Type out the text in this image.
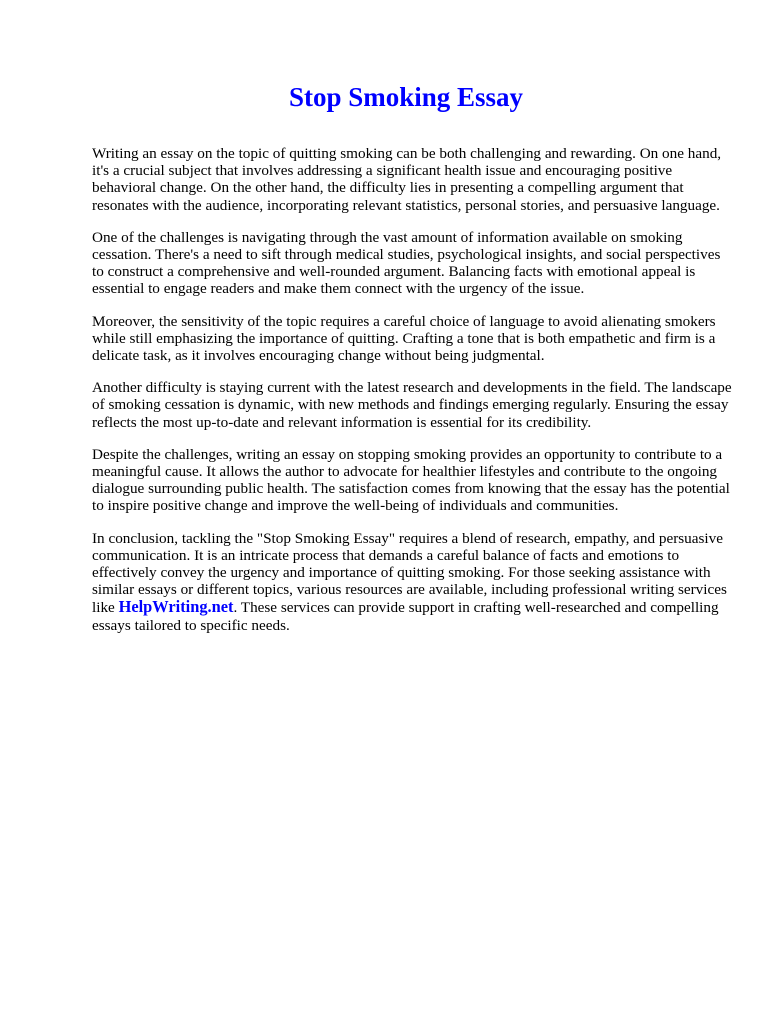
Stop Smoking Essay

Writing an essay on the topic of quitting smoking can be both challenging and rewarding. On one hand, it's a crucial subject that involves addressing a significant health issue and encouraging positive behavioral change. On the other hand, the difficulty lies in presenting a compelling argument that resonates with the audience, incorporating relevant statistics, personal stories, and persuasive language.

One of the challenges is navigating through the vast amount of information available on smoking cessation. There's a need to sift through medical studies, psychological insights, and social perspectives to construct a comprehensive and well-rounded argument. Balancing facts with emotional appeal is essential to engage readers and make them connect with the urgency of the issue.

Moreover, the sensitivity of the topic requires a careful choice of language to avoid alienating smokers while still emphasizing the importance of quitting. Crafting a tone that is both empathetic and firm is a delicate task, as it involves encouraging change without being judgmental.

Another difficulty is staying current with the latest research and developments in the field. The landscape of smoking cessation is dynamic, with new methods and findings emerging regularly. Ensuring the essay reflects the most up-to-date and relevant information is essential for its credibility.

Despite the challenges, writing an essay on stopping smoking provides an opportunity to contribute to a meaningful cause. It allows the author to advocate for healthier lifestyles and contribute to the ongoing dialogue surrounding public health. The satisfaction comes from knowing that the essay has the potential to inspire positive change and improve the well-being of individuals and communities.

In conclusion, tackling the "Stop Smoking Essay" requires a blend of research, empathy, and persuasive communication. It is an intricate process that demands a careful balance of facts and emotions to effectively convey the urgency and importance of quitting smoking. For those seeking assistance with similar essays or different topics, various resources are available, including professional writing services like HelpWriting.net. These services can provide support in crafting well-researched and compelling essays tailored to specific needs.
